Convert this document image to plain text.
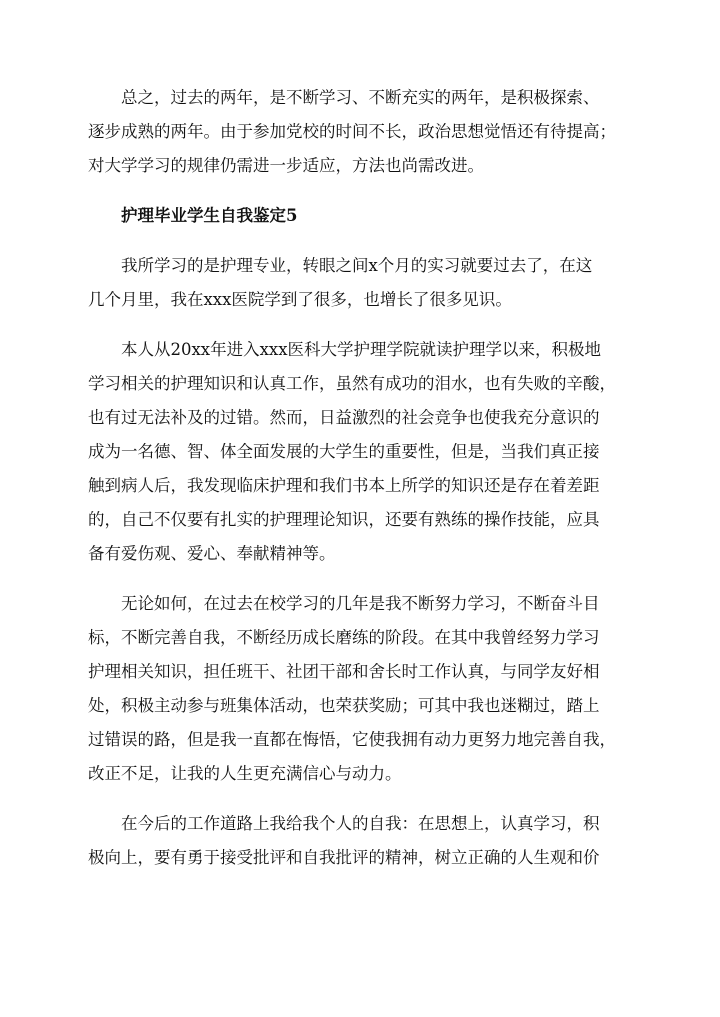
总之，过去的两年，是不断学习、不断充实的两年，是积极探索、
逐步成熟的两年。由于参加党校的时间不长，政治思想觉悟还有待提高；
对大学学习的规律仍需进一步适应，方法也尚需改进。
护理毕业学生自我鉴定5
我所学习的是护理专业，转眼之间x个月的实习就要过去了，在这
几个月里，我在xxx医院学到了很多，也增长了很多见识。
本人从20xx年进入xxx医科大学护理学院就读护理学以来，积极地
学习相关的护理知识和认真工作，虽然有成功的泪水，也有失败的辛酸，
也有过无法补及的过错。然而，日益激烈的社会竞争也使我充分意识的
成为一名德、智、体全面发展的大学生的重要性，但是，当我们真正接
触到病人后，我发现临床护理和我们书本上所学的知识还是存在着差距
的，自己不仅要有扎实的护理理论知识，还要有熟练的操作技能，应具
备有爱伤观、爱心、奉献精神等。
无论如何，在过去在校学习的几年是我不断努力学习，不断奋斗目
标，不断完善自我，不断经历成长磨练的阶段。在其中我曾经努力学习
护理相关知识，担任班干、社团干部和舍长时工作认真，与同学友好相
处，积极主动参与班集体活动，也荣获奖励；可其中我也迷糊过，踏上
过错误的路，但是我一直都在悔悟，它使我拥有动力更努力地完善自我，
改正不足，让我的人生更充满信心与动力。
在今后的工作道路上我给我个人的自我：在思想上，认真学习，积
极向上，要有勇于接受批评和自我批评的精神，树立正确的人生观和价
